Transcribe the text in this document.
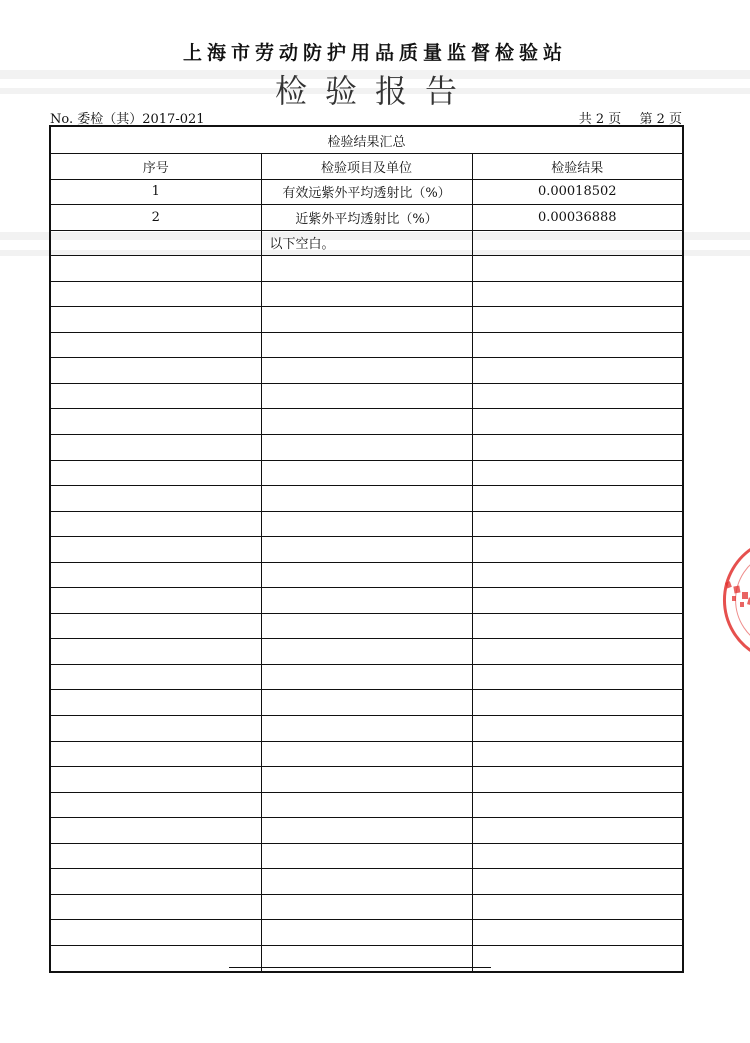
上海市劳动防护用品质量监督检验站
检验报告
No. 委检（其）2017-021	共 2 页 第 2 页
检验结果汇总		
序号	检验项目及单位	检验结果
1	有效远紫外平均透射比（%）	0.00018502
2	近紫外平均透射比（%）	0.00036888
	以下空白。	
